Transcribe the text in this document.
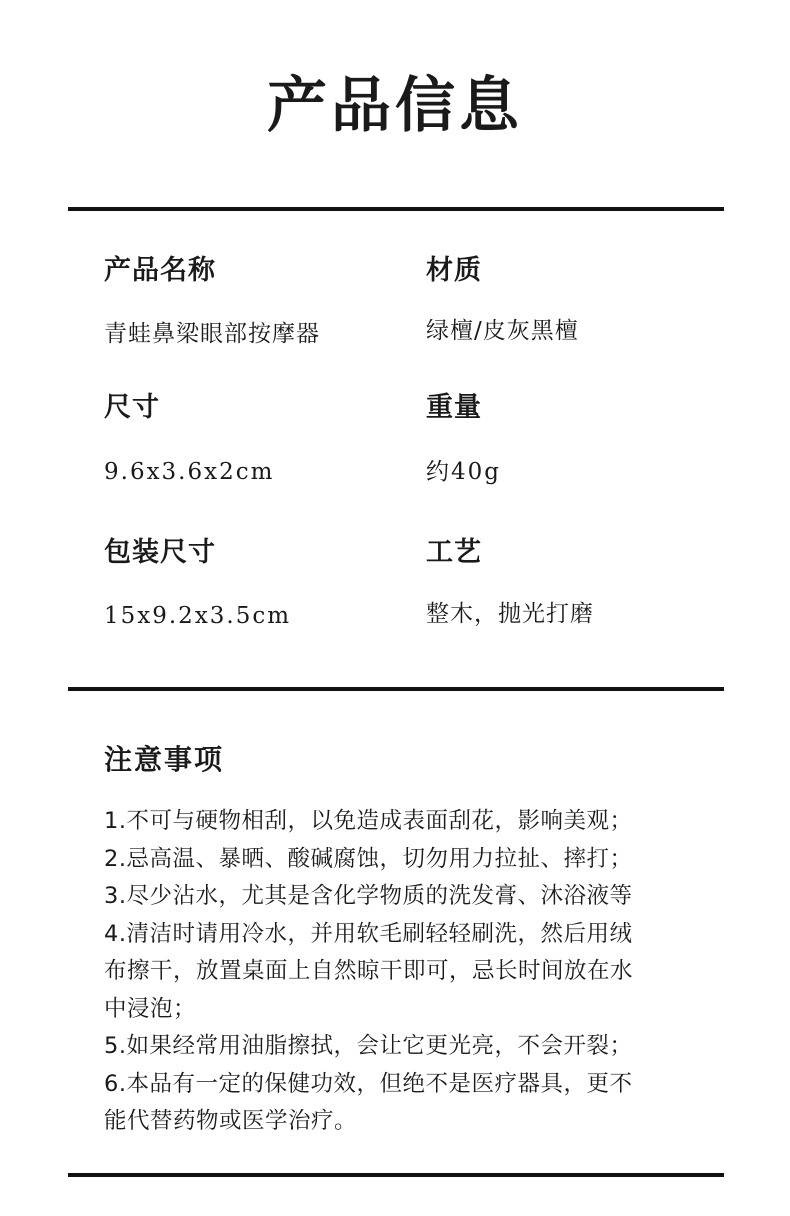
产品信息
产品名称
青蛙鼻梁眼部按摩器
材质
绿檀/皮灰黑檀
尺寸
9.6x3.6x2cm
重量
约40g
包装尺寸
15x9.2x3.5cm
工艺
整木，抛光打磨
注意事项
1.不可与硬物相刮，以免造成表面刮花，影响美观；
2.忌高温、暴晒、酸碱腐蚀，切勿用力拉扯、摔打；
3.尽少沾水，尤其是含化学物质的洗发膏、沐浴液等
4.清洁时请用冷水，并用软毛刷轻轻刷洗，然后用绒
布擦干，放置桌面上自然晾干即可，忌长时间放在水
中浸泡；
5.如果经常用油脂擦拭，会让它更光亮，不会开裂；
6.本品有一定的保健功效，但绝不是医疗器具，更不
能代替药物或医学治疗。
